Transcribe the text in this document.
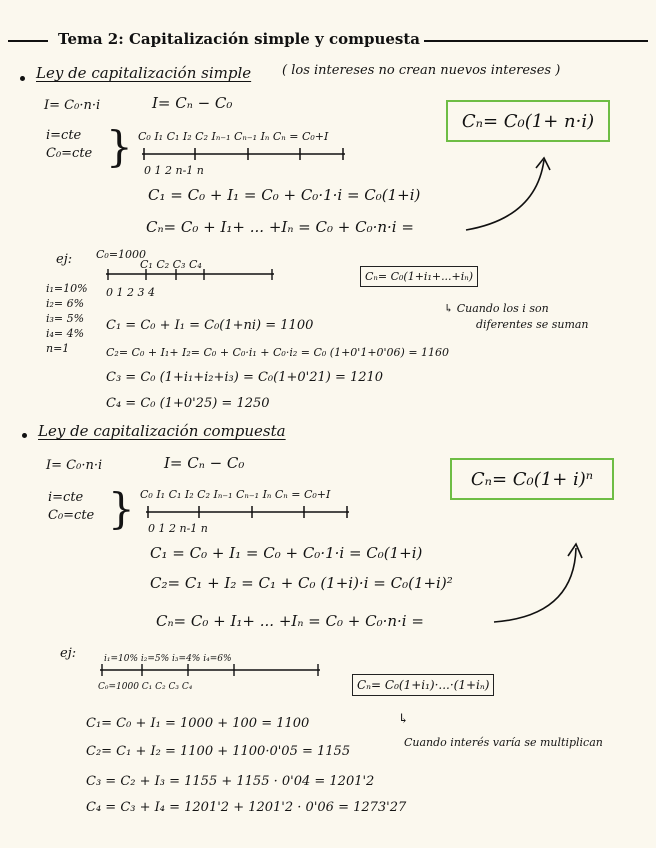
Tema 2: Capitalización simple y compuesta
Ley de capitalización simple ( los intereses no crean nuevos intereses )
I= C₀·n·i	I= Cₙ − C₀
i=cte
C₀=cte } C₀ I₁ C₁ I₂ C₂ Iₙ₋₁ Cₙ₋₁ Iₙ Cₙ = C₀+I
0 1 2 n-1 n
Cₙ= C₀(1+ n·i)
C₁ = C₀ + I₁ = C₀ + C₀·1·i = C₀(1+i)
Cₙ= C₀ + I₁+ ... +Iₙ = C₀ + C₀·n·i =
ej: C₀=1000
C₁ C₂ C₃ C₄
0 1 2 3 4
i₁=10%
i₂= 6%
i₃= 5%
i₄= 4%
n=1
Cₙ= C₀(1+i₁+...+iₙ)
↳ Cuando los i son
diferentes se suman
C₁ = C₀ + I₁ = C₀(1+ni) = 1100
C₂= C₀ + I₁+ I₂= C₀ + C₀·i₁ + C₀·i₂ = C₀ (1+0'1+0'06) = 1160
C₃ = C₀ (1+i₁+i₂+i₃) = C₀(1+0'21) = 1210
C₄ = C₀ (1+0'25) = 1250
Ley de capitalización compuesta
I= C₀·n·i	I= Cₙ − C₀
i=cte
C₀=cte } C₀ I₁ C₁ I₂ C₂ Iₙ₋₁ Cₙ₋₁ Iₙ Cₙ = C₀+I
0 1 2 n-1 n
Cₙ= C₀(1+ i)ⁿ
C₁ = C₀ + I₁ = C₀ + C₀·1·i = C₀(1+i)
C₂= C₁ + I₂ = C₁ + C₀ (1+i)·i = C₀(1+i)²
Cₙ= C₀ + I₁+ ... +Iₙ = C₀ + C₀·n·i =
ej:	i₁=10% i₂=5% i₃=4% i₄=6%
C₀=1000 C₁ C₂ C₃ C₄	Cₙ= C₀(1+i₁)·...·(1+iₙ)
↳
Cuando interés varía se multiplican
C₁= C₀ + I₁ = 1000 + 100 = 1100
C₂= C₁ + I₂ = 1100 + 1100·0'05 = 1155
C₃ = C₂ + I₃ = 1155 + 1155 · 0'04 = 1201'2
C₄ = C₃ + I₄ = 1201'2 + 1201'2 · 0'06 = 1273'27
